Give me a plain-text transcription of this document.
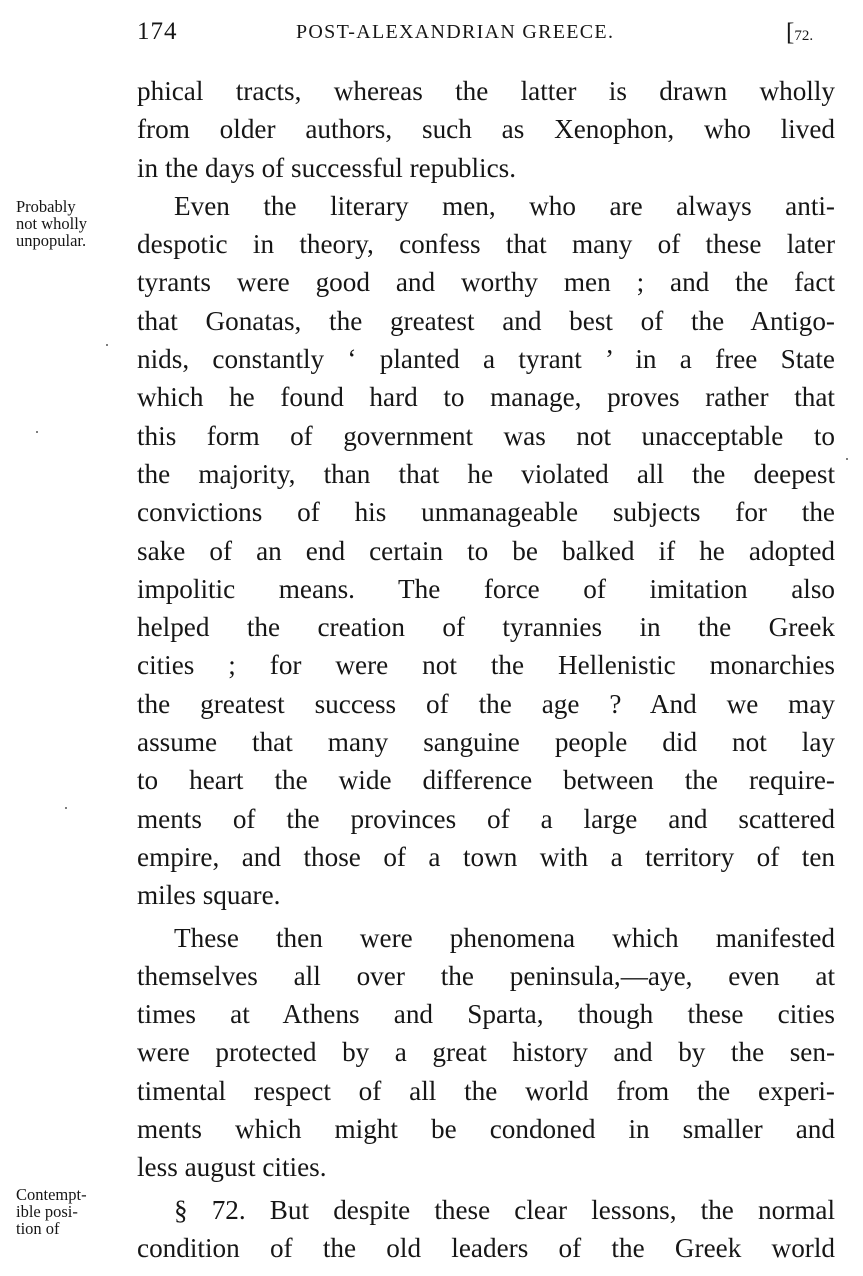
174	POST-ALEXANDRIAN GREECE.	[72.
Probably
not wholly
unpopular.
Contempt-
ible posi-
tion of
phical tracts, whereas the latter is drawn wholly
from older authors, such as Xenophon, who lived
in the days of successful republics.
Even the literary men, who are always anti-
despotic in theory, confess that many of these later
tyrants were good and worthy men ; and the fact
that Gonatas, the greatest and best of the Antigo-
nids, constantly ‘ planted a tyrant ’ in a free State
which he found hard to manage, proves rather that
this form of government was not unacceptable to
the majority, than that he violated all the deepest
convictions of his unmanageable subjects for the
sake of an end certain to be balked if he adopted
impolitic means. The force of imitation also
helped the creation of tyrannies in the Greek
cities ; for were not the Hellenistic monarchies
the greatest success of the age ? And we may
assume that many sanguine people did not lay
to heart the wide difference between the require-
ments of the provinces of a large and scattered
empire, and those of a town with a territory of ten
miles square.
These then were phenomena which manifested
themselves all over the peninsula,—aye, even at
times at Athens and Sparta, though these cities
were protected by a great history and by the sen-
timental respect of all the world from the experi-
ments which might be condoned in smaller and
less august cities.
§ 72. But despite these clear lessons, the normal
condition of the old leaders of the Greek world
